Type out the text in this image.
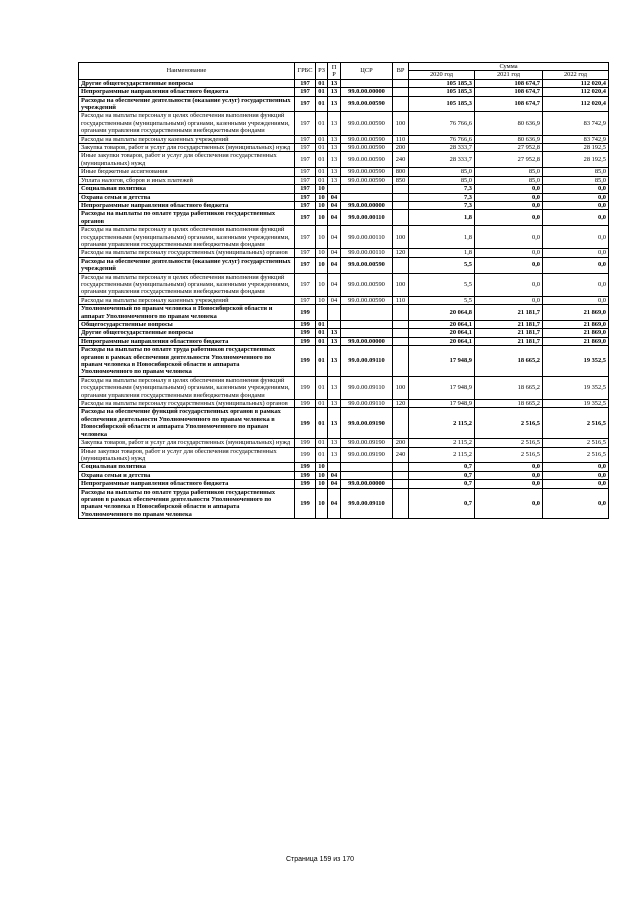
Наименование	ГРБС	РЗ	ПР	ЦСР	ВР	Сумма		
						2020 год	2021 год	2022 год
Другие общегосударственные вопросы	197	01	13			105 185,3	108 674,7	112 020,4
Непрограммные направления областного бюджета	197	01	13	99.0.00.00000		105 185,3	108 674,7	112 020,4
Расходы на обеспечение деятельности (оказание услуг) государственных учреждений	197	01	13	99.0.00.00590		105 185,3	108 674,7	112 020,4
Расходы на выплаты персоналу в целях обеспечения выполнения функций государственными (муниципальными) органами, казенными учреждениями, органами управления государственными внебюджетными фондами	197	01	13	99.0.00.00590	100	76 766,6	80 636,9	83 742,9
Расходы на выплаты персоналу казенных учреждений	197	01	13	99.0.00.00590	110	76 766,6	80 636,9	83 742,9
Закупка товаров, работ и услуг для государственных (муниципальных) нужд	197	01	13	99.0.00.00590	200	28 333,7	27 952,8	28 192,5
Иные закупки товаров, работ и услуг для обеспечения государственных (муниципальных) нужд	197	01	13	99.0.00.00590	240	28 333,7	27 952,8	28 192,5
Иные бюджетные ассигнования	197	01	13	99.0.00.00590	800	85,0	85,0	85,0
Уплата налогов, сборов и иных платежей	197	01	13	99.0.00.00590	850	85,0	85,0	85,0
Социальная политика	197	10				7,3	0,0	0,0
Охрана семьи и детства	197	10	04			7,3	0,0	0,0
Непрограммные направления областного бюджета	197	10	04	99.0.00.00000		7,3	0,0	0,0
Расходы на выплаты по оплате труда работников государственных органов	197	10	04	99.0.00.00110		1,8	0,0	0,0
Расходы на выплаты персоналу в целях обеспечения выполнения функций государственными (муниципальными) органами, казенными учреждениями, органами управления государственными внебюджетными фондами	197	10	04	99.0.00.00110	100	1,8	0,0	0,0
Расходы на выплаты персоналу государственных (муниципальных) органов	197	10	04	99.0.00.00110	120	1,8	0,0	0,0
Расходы на обеспечение деятельности (оказание услуг) государственных учреждений	197	10	04	99.0.00.00590		5,5	0,0	0,0
Расходы на выплаты персоналу в целях обеспечения выполнения функций государственными (муниципальными) органами, казенными учреждениями, органами управления государственными внебюджетными фондами	197	10	04	99.0.00.00590	100	5,5	0,0	0,0
Расходы на выплаты персоналу казенных учреждений	197	10	04	99.0.00.00590	110	5,5	0,0	0,0
Уполномоченный по правам человека в Новосибирской области и аппарат Уполномоченного по правам человека	199					20 064,8	21 181,7	21 869,0
Общегосударственные вопросы	199	01				20 064,1	21 181,7	21 869,0
Другие общегосударственные вопросы	199	01	13			20 064,1	21 181,7	21 869,0
Непрограммные направления областного бюджета	199	01	13	99.0.00.00000		20 064,1	21 181,7	21 869,0
Расходы на выплаты по оплате труда работников государственных органов в рамках обеспечения деятельности Уполномоченного по правам человека в Новосибирской области и аппарата Уполномоченного по правам человека	199	01	13	99.0.00.09110		17 948,9	18 665,2	19 352,5
Расходы на выплаты персоналу в целях обеспечения выполнения функций государственными (муниципальными) органами, казенными учреждениями, органами управления государственными внебюджетными фондами	199	01	13	99.0.00.09110	100	17 948,9	18 665,2	19 352,5
Расходы на выплаты персоналу государственных (муниципальных) органов	199	01	13	99.0.00.09110	120	17 948,9	18 665,2	19 352,5
Расходы на обеспечение функций государственных органов в рамках обеспечения деятельности Уполномоченного по правам человека в Новосибирской области и аппарата Уполномоченного по правам человека	199	01	13	99.0.00.09190		2 115,2	2 516,5	2 516,5
Закупка товаров, работ и услуг для государственных (муниципальных) нужд	199	01	13	99.0.00.09190	200	2 115,2	2 516,5	2 516,5
Иные закупки товаров, работ и услуг для обеспечения государственных (муниципальных) нужд	199	01	13	99.0.00.09190	240	2 115,2	2 516,5	2 516,5
Социальная политика	199	10				0,7	0,0	0,0
Охрана семьи и детства	199	10	04			0,7	0,0	0,0
Непрограммные направления областного бюджета	199	10	04	99.0.00.00000		0,7	0,0	0,0
Расходы на выплаты по оплате труда работников государственных органов в рамках обеспечения деятельности Уполномоченного по правам человека в Новосибирской области и аппарата Уполномоченного по правам человека	199	10	04	99.0.00.09110		0,7	0,0	0,0
Страница 159 из 170
